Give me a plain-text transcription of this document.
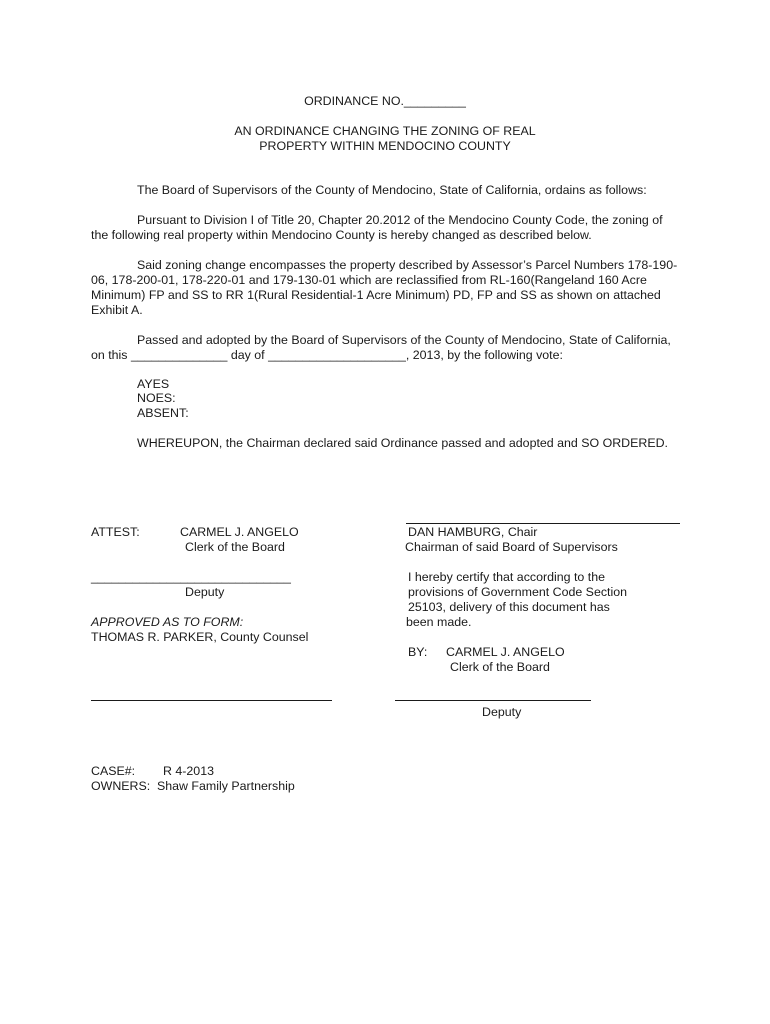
ORDINANCE NO._________
AN ORDINANCE CHANGING THE ZONING OF REAL
PROPERTY WITHIN MENDOCINO COUNTY
The Board of Supervisors of the County of Mendocino, State of California, ordains as follows:
Pursuant to Division I of Title 20, Chapter 20.2012 of the Mendocino County Code, the zoning of the following real property within Mendocino County is hereby changed as described below.
Said zoning change encompasses the property described by Assessor’s Parcel Numbers 178-190-06, 178-200-01, 178-220-01 and 179-130-01 which are reclassified from RL-160(Rangeland 160 Acre Minimum) FP and SS to RR 1(Rural Residential-1 Acre Minimum) PD, FP and SS as shown on attached Exhibit A.
Passed and adopted by the Board of Supervisors of the County of Mendocino, State of California, on this ______________ day of ____________________, 2013, by the following vote:
AYES
NOES:
ABSENT:
WHEREUPON, the Chairman declared said Ordinance passed and adopted and SO ORDERED.
DAN HAMBURG, Chair
Chairman of said Board of Supervisors
ATTEST:	CARMEL J. ANGELO
Clerk of the Board
_____________________________
Deputy
APPROVED AS TO FORM:
THOMAS R. PARKER, County Counsel
I hereby certify that according to the
provisions of Government Code Section
25103, delivery of this document has
been made.
BY: CARMEL J. ANGELO
Clerk of the Board
Deputy
CASE#: R 4-2013
OWNERS: Shaw Family Partnership
